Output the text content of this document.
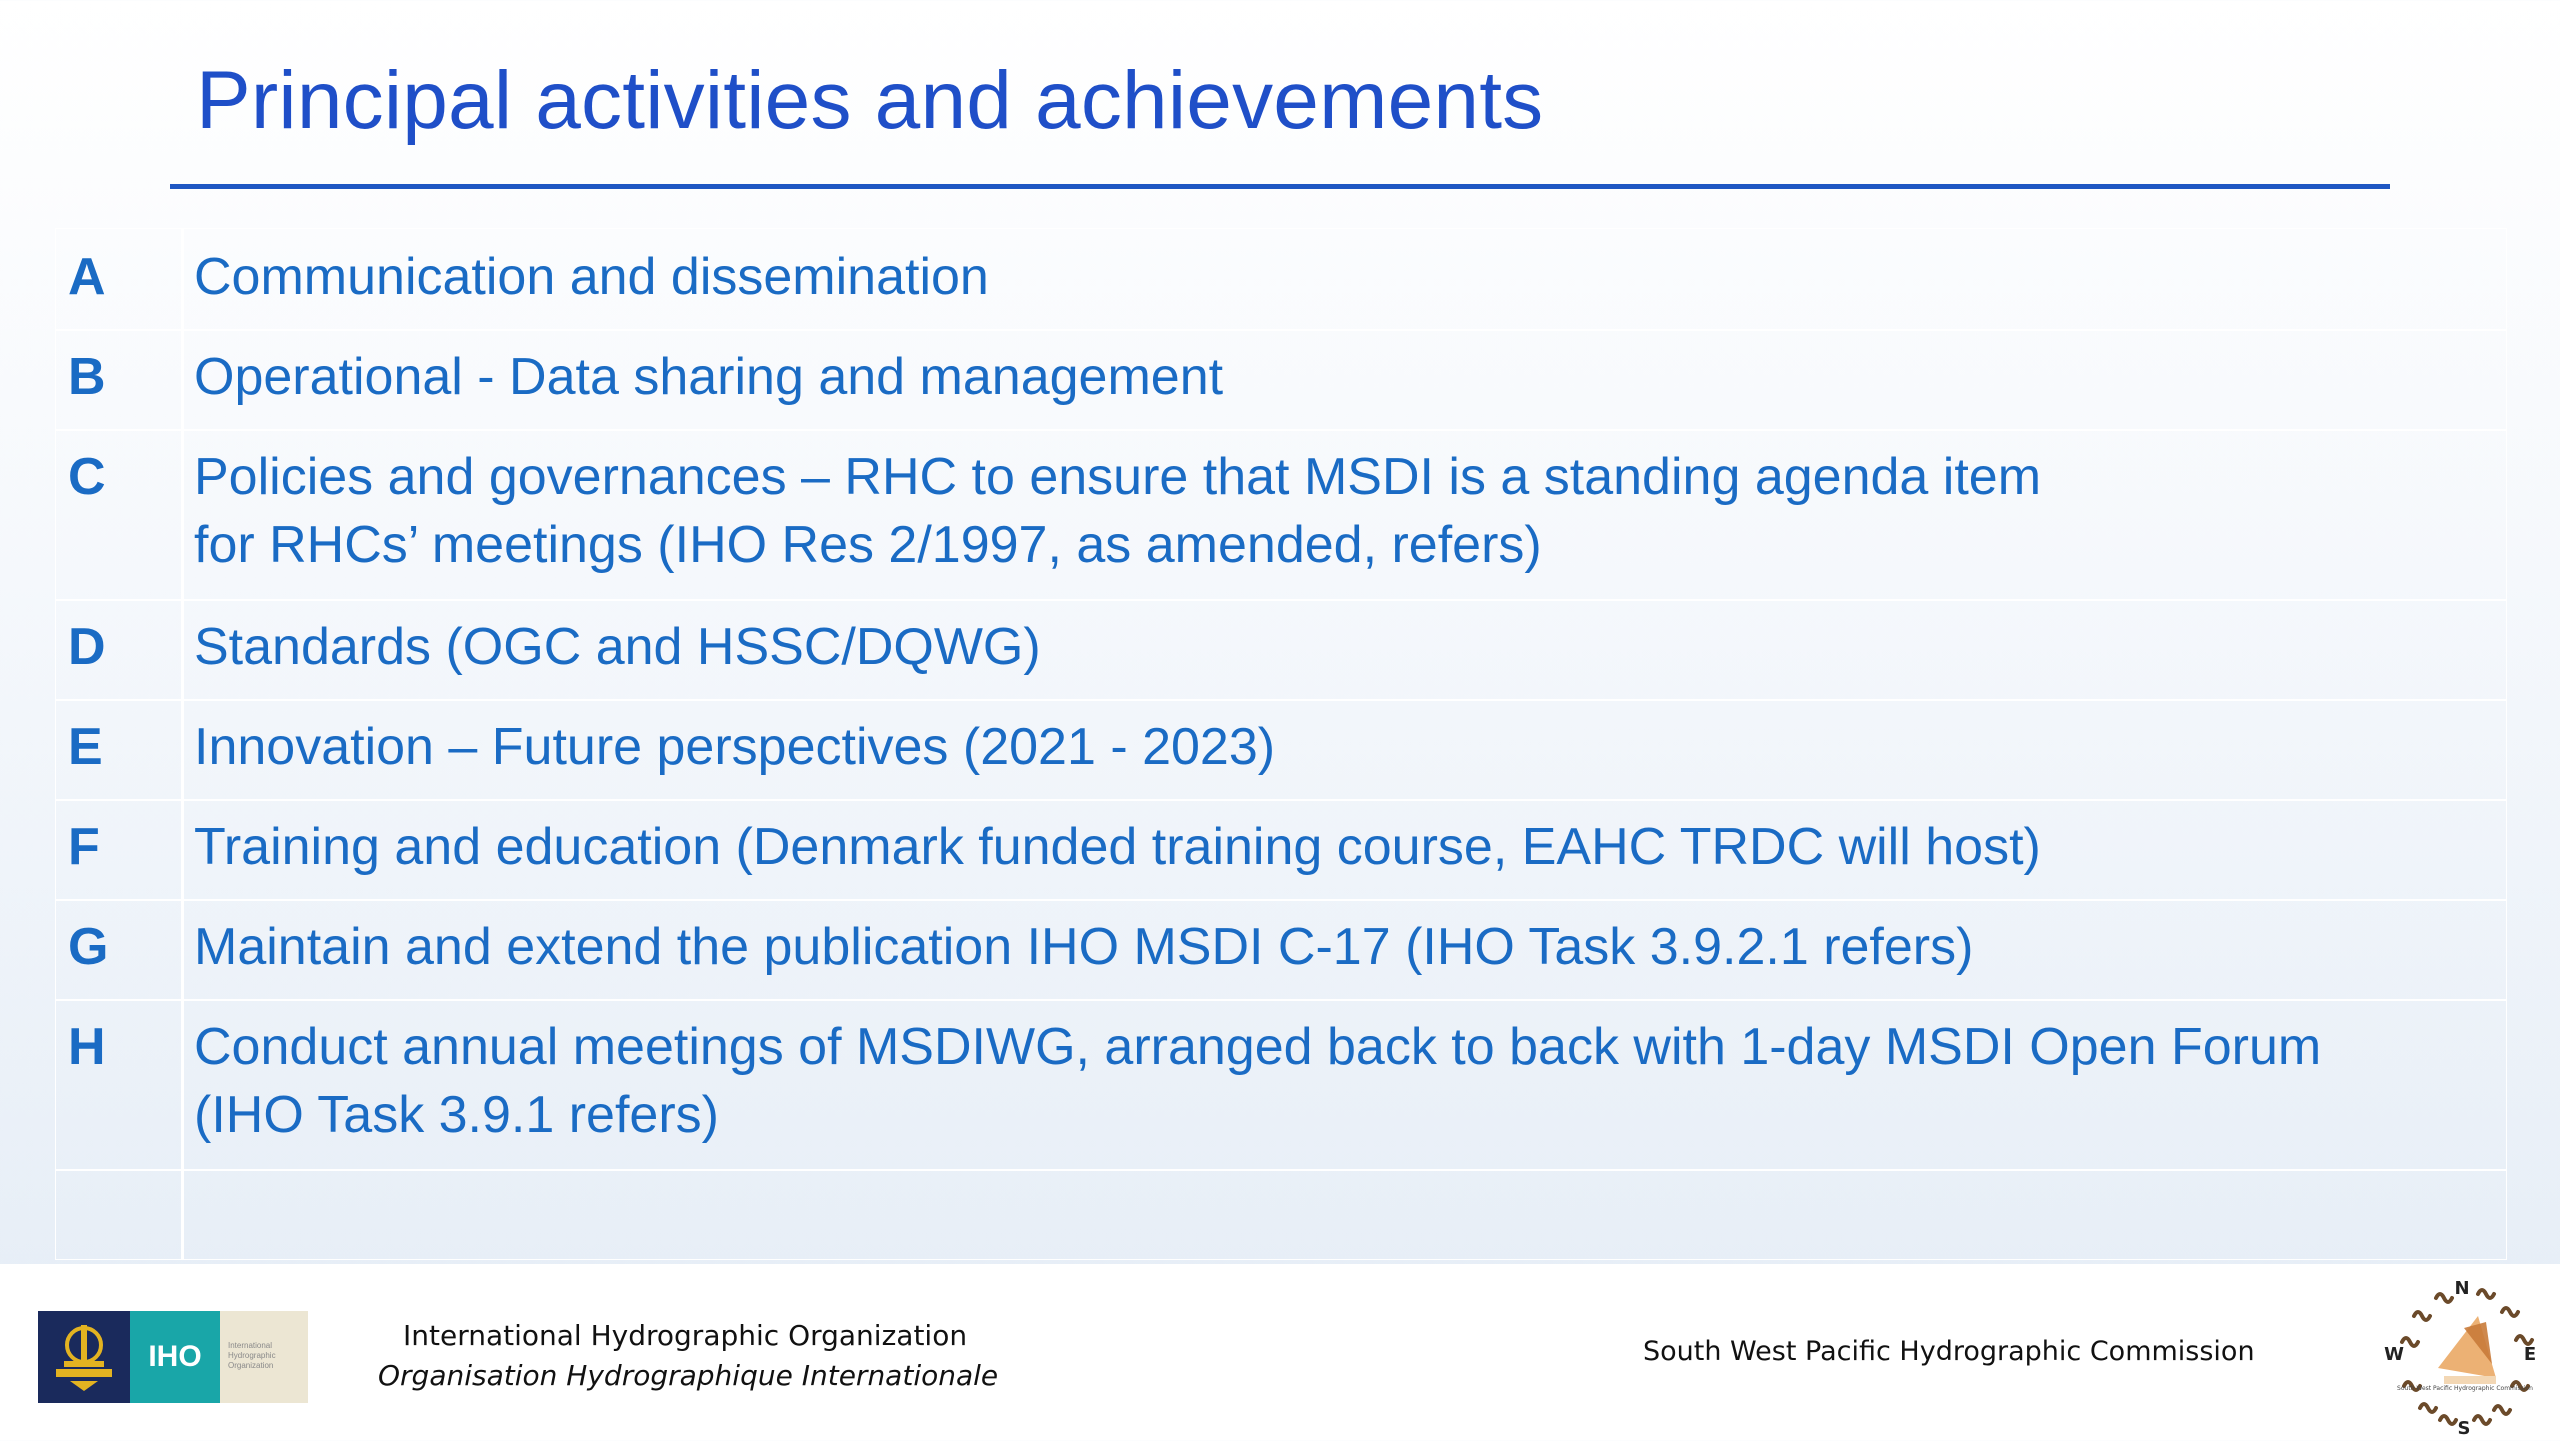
Principal activities and achievements
A Communication and dissemination
B Operational - Data sharing and management
C Policies and governances – RHC to ensure that MSDI is a standing agenda item
for RHCs’ meetings (IHO Res 2/1997, as amended, refers)
D Standards (OGC and HSSC/DQWG)
E Innovation – Future perspectives (2021 - 2023)
F Training and education (Denmark funded training course, EAHC TRDC will host)
G Maintain and extend the publication IHO MSDI C-17 (IHO Task 3.9.2.1 refers)
H Conduct annual meetings of MSDIWG, arranged back to back with 1-day MSDI Open Forum
(IHO Task 3.9.1 refers)
IHO	International Hydrographic Organization
International Hydrographic Organization
Organisation Hydrographique Internationale
South West Pacific Hydrographic Commission
South West Pacific Hydrographic Commission
N
E
S
W
